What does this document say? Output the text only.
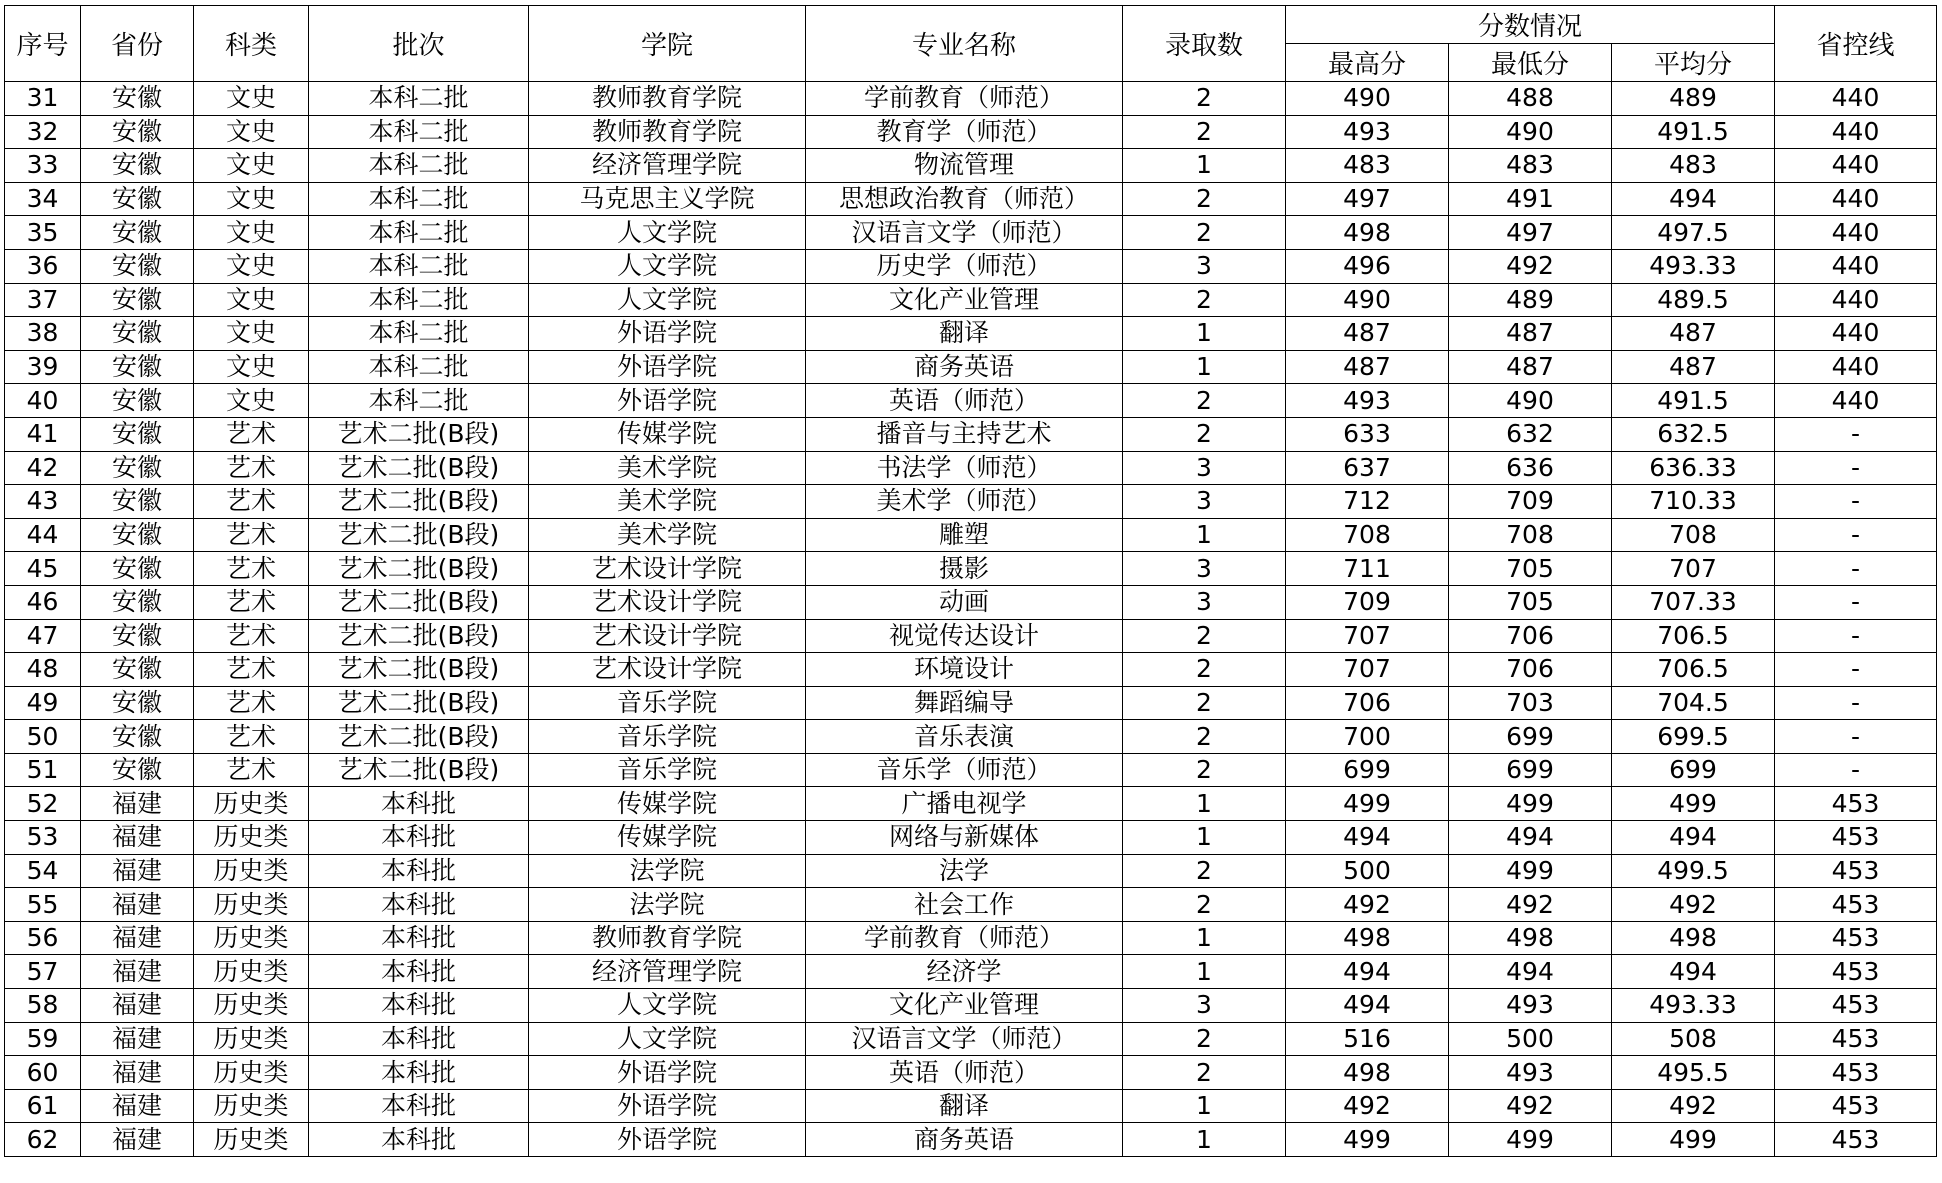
序号	省份	科类	批次	学院	专业名称	录取数	分数情况			省控线
							最高分	最低分	平均分	
31	安徽	文史	本科二批	教师教育学院	学前教育（师范）	2	490	488	489	440
32	安徽	文史	本科二批	教师教育学院	教育学（师范）	2	493	490	491.5	440
33	安徽	文史	本科二批	经济管理学院	物流管理	1	483	483	483	440
34	安徽	文史	本科二批	马克思主义学院	思想政治教育（师范）	2	497	491	494	440
35	安徽	文史	本科二批	人文学院	汉语言文学（师范）	2	498	497	497.5	440
36	安徽	文史	本科二批	人文学院	历史学（师范）	3	496	492	493.33	440
37	安徽	文史	本科二批	人文学院	文化产业管理	2	490	489	489.5	440
38	安徽	文史	本科二批	外语学院	翻译	1	487	487	487	440
39	安徽	文史	本科二批	外语学院	商务英语	1	487	487	487	440
40	安徽	文史	本科二批	外语学院	英语（师范）	2	493	490	491.5	440
41	安徽	艺术	艺术二批(B段)	传媒学院	播音与主持艺术	2	633	632	632.5	-
42	安徽	艺术	艺术二批(B段)	美术学院	书法学（师范）	3	637	636	636.33	-
43	安徽	艺术	艺术二批(B段)	美术学院	美术学（师范）	3	712	709	710.33	-
44	安徽	艺术	艺术二批(B段)	美术学院	雕塑	1	708	708	708	-
45	安徽	艺术	艺术二批(B段)	艺术设计学院	摄影	3	711	705	707	-
46	安徽	艺术	艺术二批(B段)	艺术设计学院	动画	3	709	705	707.33	-
47	安徽	艺术	艺术二批(B段)	艺术设计学院	视觉传达设计	2	707	706	706.5	-
48	安徽	艺术	艺术二批(B段)	艺术设计学院	环境设计	2	707	706	706.5	-
49	安徽	艺术	艺术二批(B段)	音乐学院	舞蹈编导	2	706	703	704.5	-
50	安徽	艺术	艺术二批(B段)	音乐学院	音乐表演	2	700	699	699.5	-
51	安徽	艺术	艺术二批(B段)	音乐学院	音乐学（师范）	2	699	699	699	-
52	福建	历史类	本科批	传媒学院	广播电视学	1	499	499	499	453
53	福建	历史类	本科批	传媒学院	网络与新媒体	1	494	494	494	453
54	福建	历史类	本科批	法学院	法学	2	500	499	499.5	453
55	福建	历史类	本科批	法学院	社会工作	2	492	492	492	453
56	福建	历史类	本科批	教师教育学院	学前教育（师范）	1	498	498	498	453
57	福建	历史类	本科批	经济管理学院	经济学	1	494	494	494	453
58	福建	历史类	本科批	人文学院	文化产业管理	3	494	493	493.33	453
59	福建	历史类	本科批	人文学院	汉语言文学（师范）	2	516	500	508	453
60	福建	历史类	本科批	外语学院	英语（师范）	2	498	493	495.5	453
61	福建	历史类	本科批	外语学院	翻译	1	492	492	492	453
62	福建	历史类	本科批	外语学院	商务英语	1	499	499	499	453
